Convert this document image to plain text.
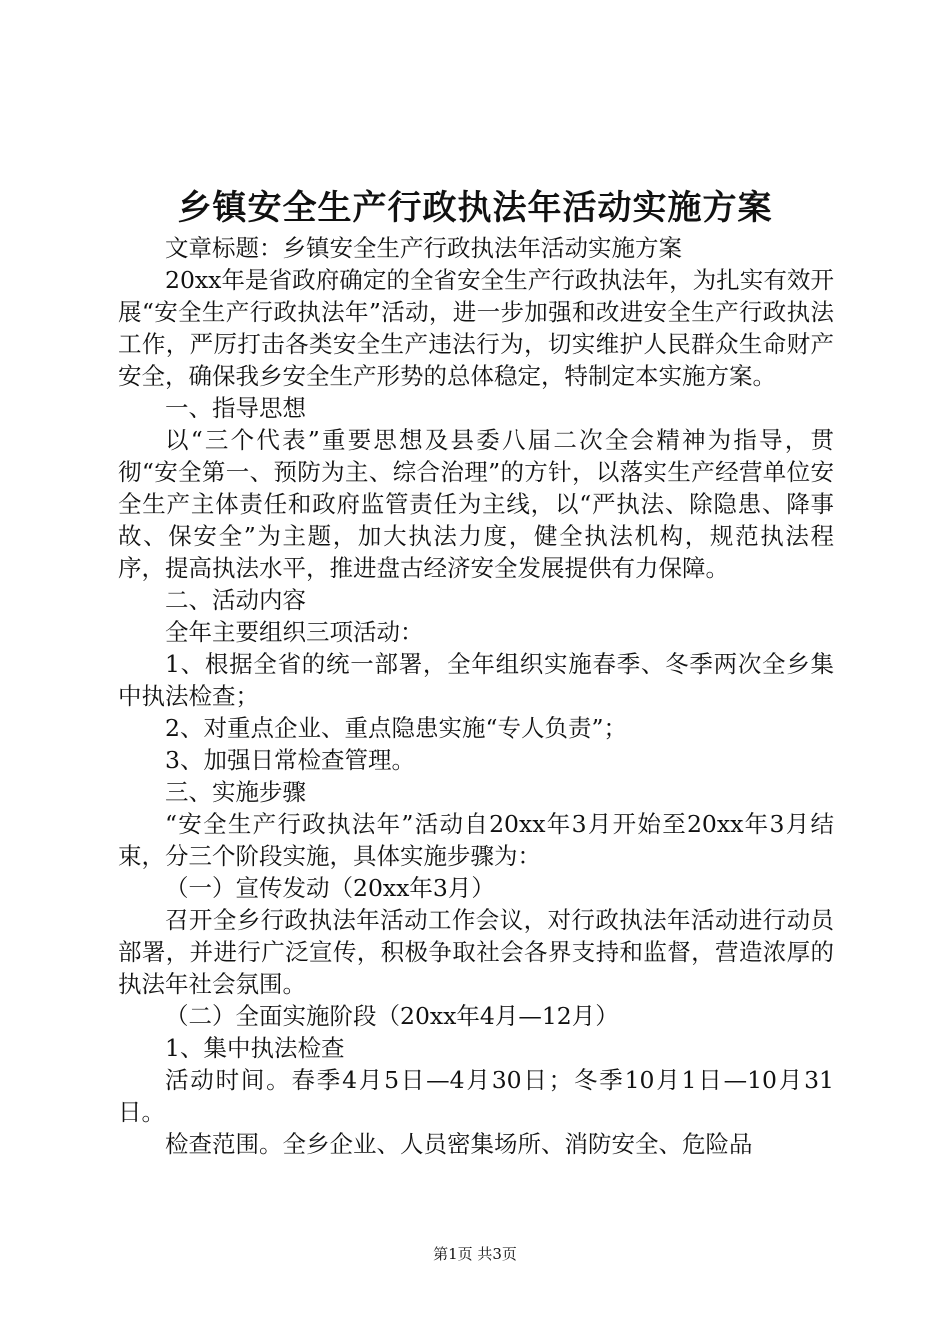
乡镇安全生产行政执法年活动实施方案

文章标题：乡镇安全生产行政执法年活动实施方案

20xx年是省政府确定的全省安全生产行政执法年，为扎实有效开展“安全生产行政执法年”活动，进一步加强和改进安全生产行政执法工作，严厉打击各类安全生产违法行为，切实维护人民群众生命财产安全，确保我乡安全生产形势的总体稳定，特制定本实施方案。

一、指导思想

以“三个代表”重要思想及县委八届二次全会精神为指导，贯彻“安全第一、预防为主、综合治理”的方针，以落实生产经营单位安全生产主体责任和政府监管责任为主线，以“严执法、除隐患、降事故、保安全”为主题，加大执法力度，健全执法机构，规范执法程序，提高执法水平，推进盘古经济安全发展提供有力保障。

二、活动内容

全年主要组织三项活动：

1、根据全省的统一部署，全年组织实施春季、冬季两次全乡集中执法检查；

2、对重点企业、重点隐患实施“专人负责”；

3、加强日常检查管理。

三、实施步骤

“安全生产行政执法年”活动自20xx年3月开始至20xx年3月结束，分三个阶段实施，具体实施步骤为：

（一）宣传发动（20xx年3月）

召开全乡行政执法年活动工作会议，对行政执法年活动进行动员部署，并进行广泛宣传，积极争取社会各界支持和监督，营造浓厚的执法年社会氛围。

（二）全面实施阶段（20xx年4月—12月）

1、集中执法检查

活动时间。春季4月5日—4月30日；冬季10月1日—10月31日。

检查范围。全乡企业、人员密集场所、消防安全、危险品

第1页 共3页
